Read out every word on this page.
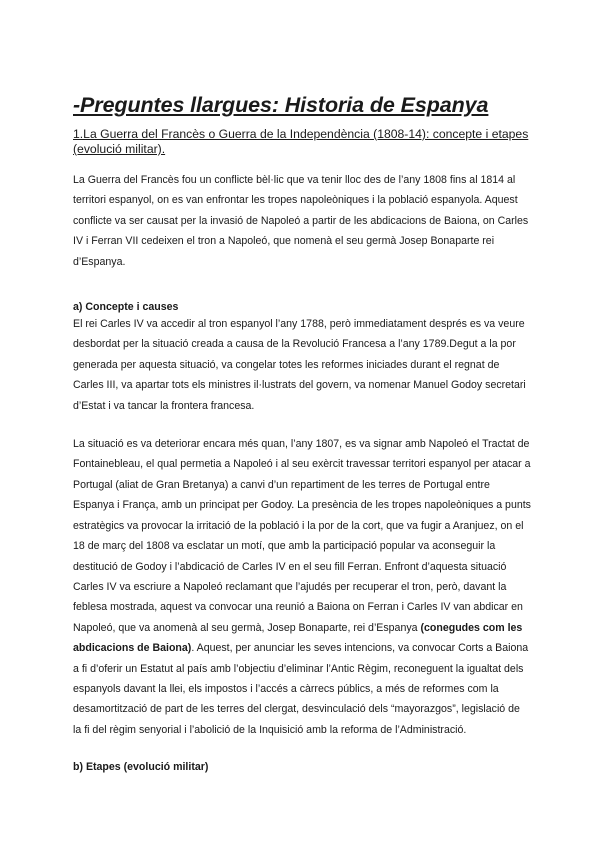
-Preguntes llargues: Historia de Espanya
1.La Guerra del Francès o Guerra de la Independència (1808-14): concepte i etapes (evolució militar).

La Guerra del Francès fou un conflicte bèl·lic que va tenir lloc des de l’any 1808 fins al 1814 al territori espanyol, on es van enfrontar les tropes napoleòniques i la població espanyola. Aquest conflicte va ser causat per la invasió de Napoleó a partir de les abdicacions de Baiona, on Carles IV i Ferran VII cedeixen el tron a Napoleó, que nomenà el seu germà Josep Bonaparte rei d’Espanya.

a) Concepte i causes

El rei Carles IV va accedir al tron espanyol l’any 1788, però immediatament després es va veure desbordat per la situació creada a causa de la Revolució Francesa a l’any 1789.Degut a la por generada per aquesta situació, va congelar totes les reformes iniciades durant el regnat de Carles III, va apartar tots els ministres il·lustrats del govern, va nomenar Manuel Godoy secretari d’Estat i va tancar la frontera francesa.

La situació es va deteriorar encara més quan, l’any 1807, es va signar amb Napoleó el Tractat de Fontainebleau, el qual permetia a Napoleó i al seu exèrcit travessar territori espanyol per atacar a Portugal (aliat de Gran Bretanya) a canvi d’un repartiment de les terres de Portugal entre Espanya i França, amb un principat per Godoy. La presència de les tropes napoleòniques a punts estratègics va provocar la irritació de la població i la por de la cort, que va fugir a Aranjuez, on el 18 de març del 1808 va esclatar un motí, que amb la participació popular va aconseguir la destitució de Godoy i l’abdicació de Carles IV en el seu fill Ferran. Enfront d’aquesta situació Carles IV va escriure a Napoleó reclamant que l’ajudés per recuperar el tron, però, davant la feblesa mostrada, aquest va convocar una reunió a Baiona on Ferran i Carles IV van abdicar en Napoleó, que va anomenà al seu germà, Josep Bonaparte, rei d’Espanya (conegudes com les abdicacions de Baiona). Aquest, per anunciar les seves intencions, va convocar Corts a Baiona a fi d’oferir un Estatut al país amb l’objectiu d’eliminar l’Antic Règim, reconeguent la igualtat dels espanyols davant la llei, els impostos i l’accés a càrrecs públics, a més de reformes com la desamortització de part de les terres del clergat, desvinculació dels “mayorazgos”, legislació de la fi del règim senyorial i l’abolició de la Inquisició amb la reforma de l’Administració.

b) Etapes (evolució militar)
